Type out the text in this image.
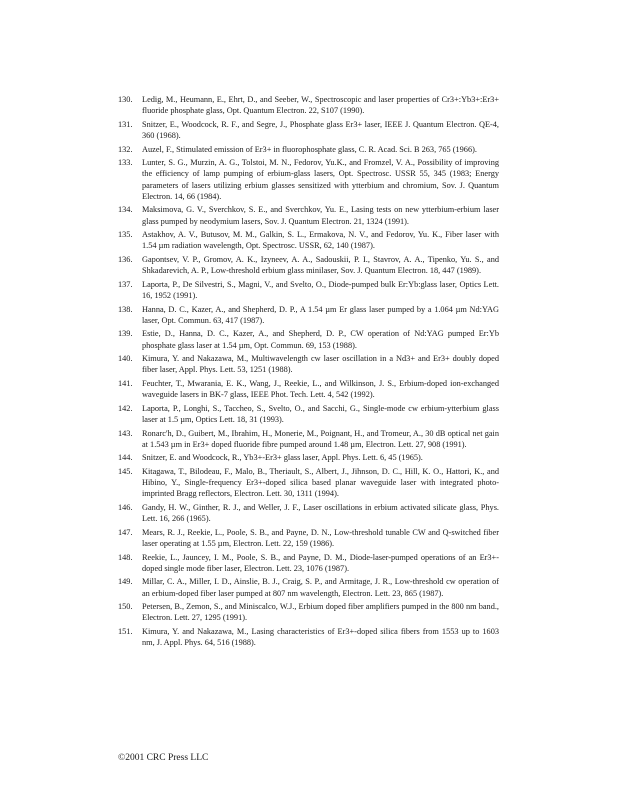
130.	Ledig, M., Heumann, E., Ehrt, D., and Seeber, W., Spectroscopic and laser properties of Cr3+:Yb3+:Er3+ fluoride phosphate glass, Opt. Quantum Electron. 22, S107 (1990).
131.	Snitzer, E., Woodcock, R. F., and Segre, J., Phosphate glass Er3+ laser, IEEE J. Quantum Electron. QE-4, 360 (1968).
132.	Auzel, F., Stimulated emission of Er3+ in fluorophosphate glass, C. R. Acad. Sci. B 263, 765 (1966).
133.	Lunter, S. G., Murzin, A. G., Tolstoi, M. N., Fedorov, Yu.K., and Fromzel, V. A., Possibility of improving the efficiency of lamp pumping of erbium-glass lasers, Opt. Spectrosc. USSR 55, 345 (1983; Energy parameters of lasers utilizing erbium glasses sensitized with ytterbium and chromium, Sov. J. Quantum Electron. 14, 66 (1984).
134.	Maksimova, G. V., Sverchkov, S. E., and Sverchkov, Yu. E., Lasing tests on new ytterbium-erbium laser glass pumped by neodymium lasers, Sov. J. Quantum Electron. 21, 1324 (1991).
135.	Astakhov, A. V., Butusov, M. M., Galkin, S. L., Ermakova, N. V., and Fedorov, Yu. K., Fiber laser with 1.54 µm radiation wavelength, Opt. Spectrosc. USSR, 62, 140 (1987).
136.	Gapontsev, V. P., Gromov, A. K., Izyneev, A. A., Sadouskii, P. I., Stavrov, A. A., Tipenko, Yu. S., and Shkadarevich, A. P., Low-threshold erbium glass minilaser, Sov. J. Quantum Electron. 18, 447 (1989).
137.	Laporta, P., De Silvestri, S., Magni, V., and Svelto, O., Diode-pumped bulk Er:Yb:glass laser, Optics Lett. 16, 1952 (1991).
138.	Hanna, D. C., Kazer, A., and Shepherd, D. P., A 1.54 µm Er glass laser pumped by a 1.064 µm Nd:YAG laser, Opt. Commun. 63, 417 (1987).
139.	Estie, D., Hanna, D. C., Kazer, A., and Shepherd, D. P., CW operation of Nd:YAG pumped Er:Yb phosphate glass laser at 1.54 µm, Opt. Commun. 69, 153 (1988).
140.	Kimura, Y. and Nakazawa, M., Multiwavelength cw laser oscillation in a Nd3+ and Er3+ doubly doped fiber laser, Appl. Phys. Lett. 53, 1251 (1988).
141.	Feuchter, T., Mwarania, E. K., Wang, J., Reekie, L., and Wilkinson, J. S., Erbium-doped ion-exchanged waveguide lasers in BK-7 glass, IEEE Phot. Tech. Lett. 4, 542 (1992).
142.	Laporta, P., Longhi, S., Taccheo, S., Svelto, O., and Sacchi, G., Single-mode cw erbium-ytterbium glass laser at 1.5 µm, Optics Lett. 18, 31 (1993).
143.	Ronarc'h, D., Guibert, M., Ibrahim, H., Monerie, M., Poignant, H., and Tromeur, A., 30 dB optical net gain at 1.543 µm in Er3+ doped fluoride fibre pumped around 1.48 µm, Electron. Lett. 27, 908 (1991).
144.	Snitzer, E. and Woodcock, R., Yb3+-Er3+ glass laser, Appl. Phys. Lett. 6, 45 (1965).
145.	Kitagawa, T., Bilodeau, F., Malo, B., Theriault, S., Albert, J., Jihnson, D. C., Hill, K. O., Hattori, K., and Hibino, Y., Single-frequency Er3+-doped silica based planar waveguide laser with integrated photo-imprinted Bragg reflectors, Electron. Lett. 30, 1311 (1994).
146.	Gandy, H. W., Ginther, R. J., and Weller, J. F., Laser oscillations in erbium activated silicate glass, Phys. Lett. 16, 266 (1965).
147.	Mears, R. J., Reekie, L., Poole, S. B., and Payne, D. N., Low-threshold tunable CW and Q-switched fiber laser operating at 1.55 µm, Electron. Lett. 22, 159 (1986).
148.	Reekie, L., Jauncey, I. M., Poole, S. B., and Payne, D. M., Diode-laser-pumped operations of an Er3+-doped single mode fiber laser, Electron. Lett. 23, 1076 (1987).
149.	Millar, C. A., Miller, I. D., Ainslie, B. J., Craig, S. P., and Armitage, J. R., Low-threshold cw operation of an erbium-doped fiber laser pumped at 807 nm wavelength, Electron. Lett. 23, 865 (1987).
150.	Petersen, B., Zemon, S., and Miniscalco, W.J., Erbium doped fiber amplifiers pumped in the 800 nm band., Electron. Lett. 27, 1295 (1991).
151.	Kimura, Y. and Nakazawa, M., Lasing characteristics of Er3+-doped silica fibers from 1553 up to 1603 nm, J. Appl. Phys. 64, 516 (1988).
©2001 CRC Press LLC
